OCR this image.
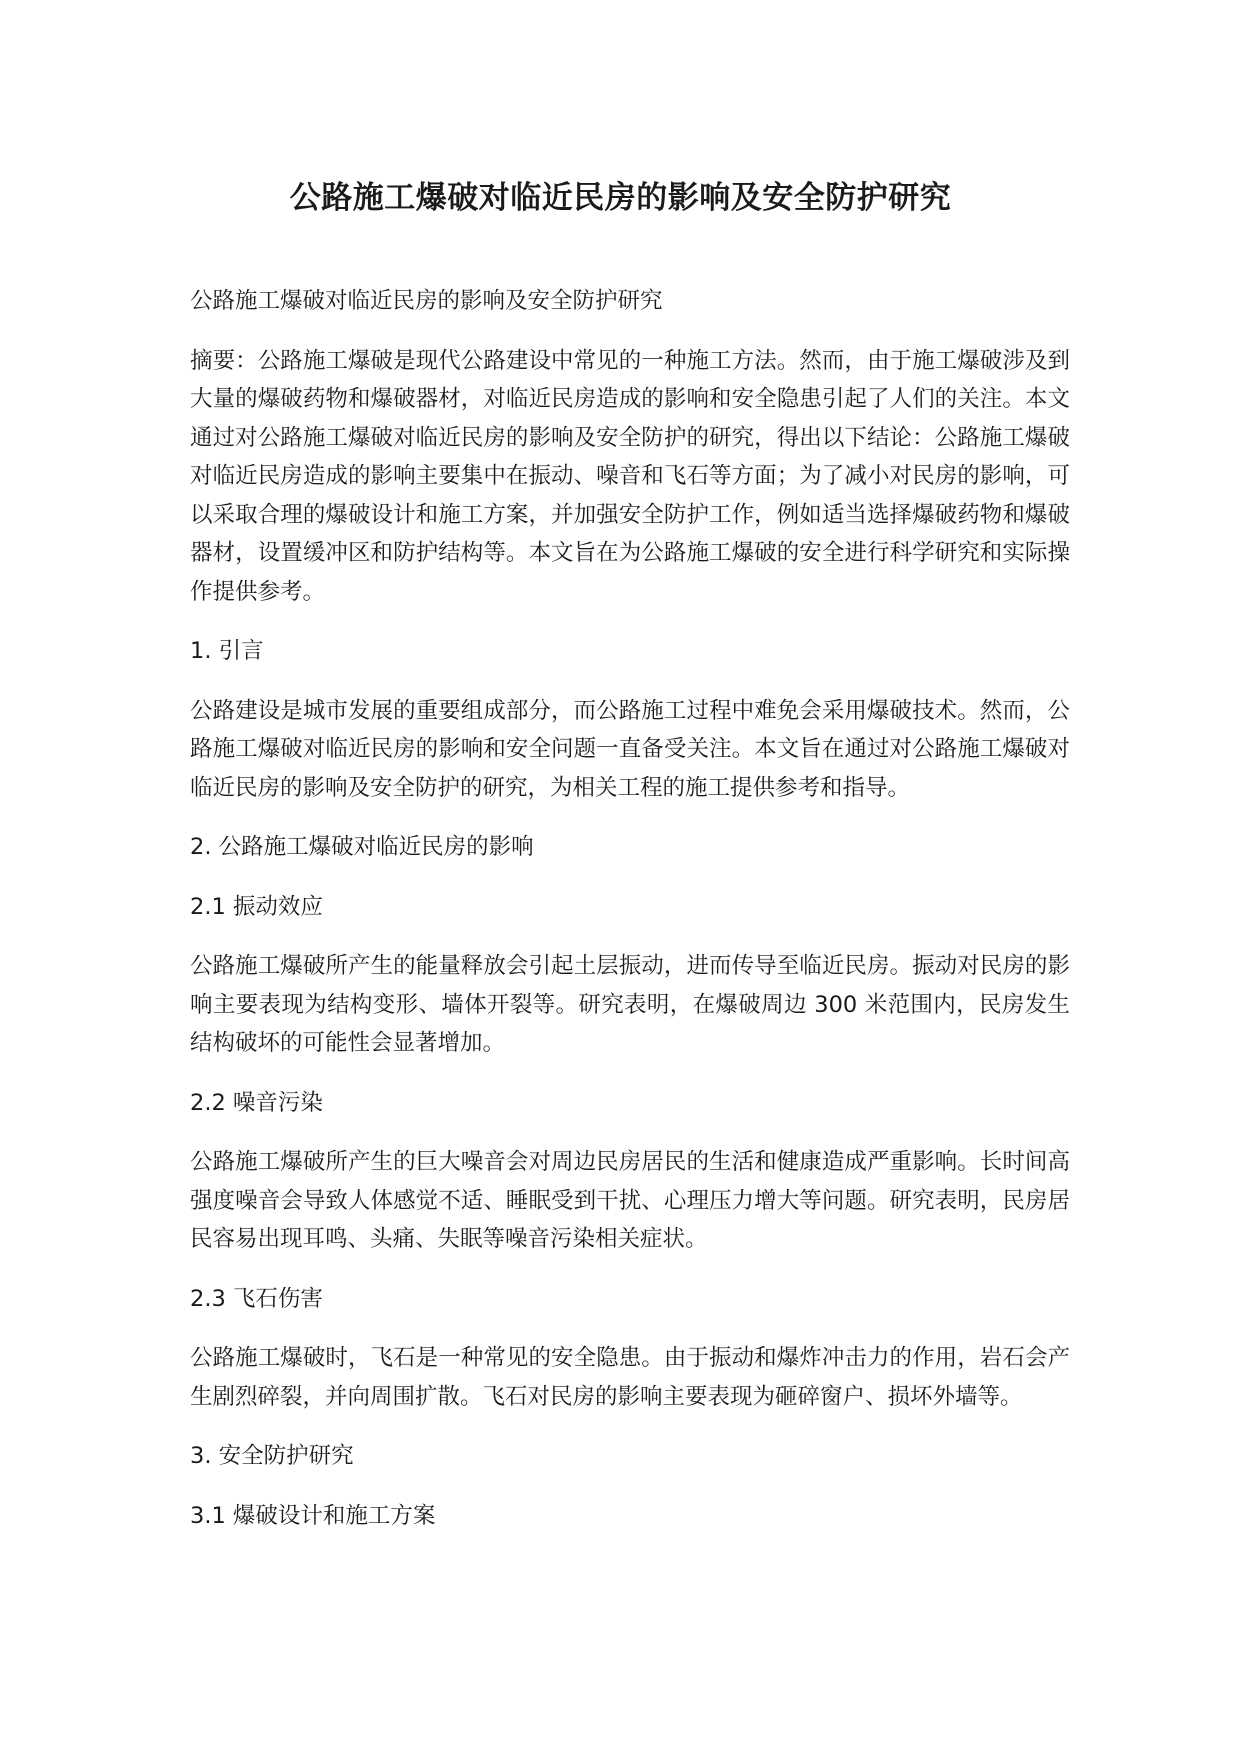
公路施工爆破对临近民房的影响及安全防护研究

公路施工爆破对临近民房的影响及安全防护研究

摘要：公路施工爆破是现代公路建设中常见的一种施工方法。然而，由于施工爆破涉及到大量的爆破药物和爆破器材，对临近民房造成的影响和安全隐患引起了人们的关注。本文通过对公路施工爆破对临近民房的影响及安全防护的研究，得出以下结论：公路施工爆破对临近民房造成的影响主要集中在振动、噪音和飞石等方面；为了减小对民房的影响，可以采取合理的爆破设计和施工方案，并加强安全防护工作，例如适当选择爆破药物和爆破器材，设置缓冲区和防护结构等。本文旨在为公路施工爆破的安全进行科学研究和实际操作提供参考。

1. 引言

公路建设是城市发展的重要组成部分，而公路施工过程中难免会采用爆破技术。然而，公路施工爆破对临近民房的影响和安全问题一直备受关注。本文旨在通过对公路施工爆破对临近民房的影响及安全防护的研究，为相关工程的施工提供参考和指导。

2. 公路施工爆破对临近民房的影响

2.1 振动效应

公路施工爆破所产生的能量释放会引起土层振动，进而传导至临近民房。振动对民房的影响主要表现为结构变形、墙体开裂等。研究表明，在爆破周边 300 米范围内，民房发生结构破坏的可能性会显著增加。

2.2 噪音污染

公路施工爆破所产生的巨大噪音会对周边民房居民的生活和健康造成严重影响。长时间高强度噪音会导致人体感觉不适、睡眠受到干扰、心理压力增大等问题。研究表明，民房居民容易出现耳鸣、头痛、失眠等噪音污染相关症状。

2.3 飞石伤害

公路施工爆破时，飞石是一种常见的安全隐患。由于振动和爆炸冲击力的作用，岩石会产生剧烈碎裂，并向周围扩散。飞石对民房的影响主要表现为砸碎窗户、损坏外墙等。

3. 安全防护研究

3.1 爆破设计和施工方案
